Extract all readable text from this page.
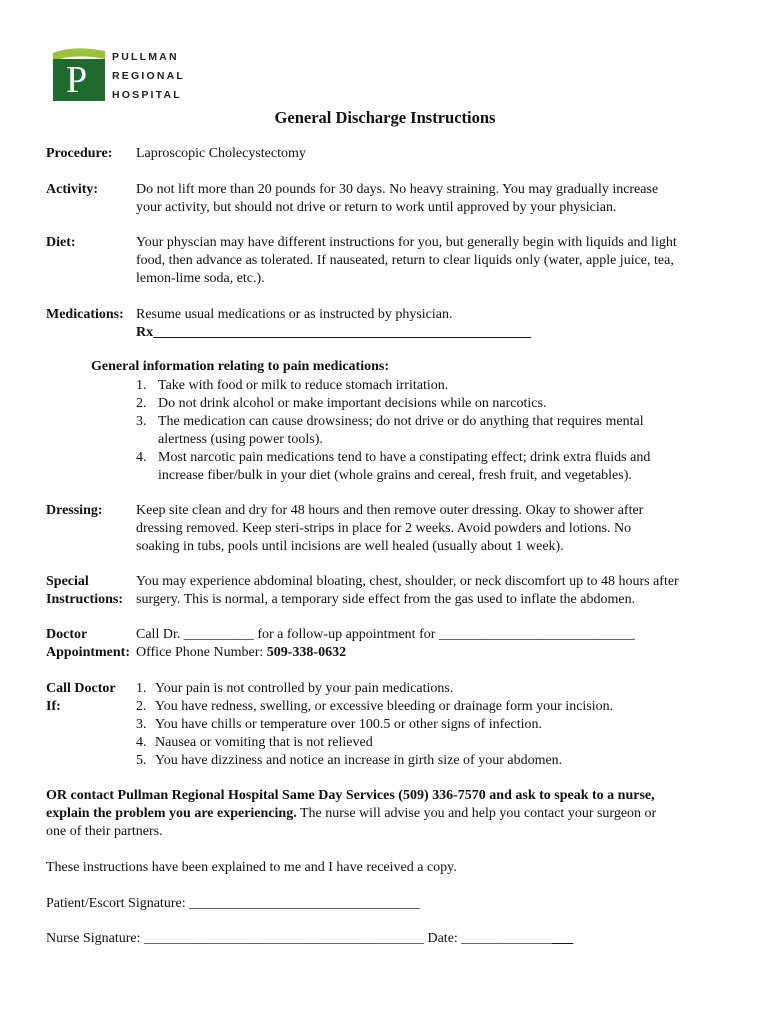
P
PULLMAN
REGIONAL
HOSPITAL
General Discharge Instructions
Procedure: Laproscopic Cholecystectomy
Activity:	Do not lift more than 20 pounds for 30 days. No heavy straining. You may gradually increase
your activity, but should not drive or return to work until approved by your physician.
Diet:	Your physcian may have different instructions for you, but generally begin with liquids and light
food, then advance as tolerated. If nauseated, return to clear liquids only (water, apple juice, tea,
lemon-lime soda, etc.).
Medications: Resume usual medications or as instructed by physician.
Rx______________________________________________________
General information relating to pain medications:
1. Take with food or milk to reduce stomach irritation.
2. Do not drink alcohol or make important decisions while on narcotics.
3. The medication can cause drowsiness; do not drive or do anything that requires mental
alertness (using power tools).
4. Most narcotic pain medications tend to have a constipating effect; drink extra fluids and
increase fiber/bulk in your diet (whole grains and cereal, fresh fruit, and vegetables).
Dressing: Keep site clean and dry for 48 hours and then remove outer dressing. Okay to shower after
dressing removed. Keep steri-strips in place for 2 weeks. Avoid powders and lotions. No
soaking in tubs, pools until incisions are well healed (usually about 1 week).
Special
Instructions:
You may experience abdominal bloating, chest, shoulder, or neck discomfort up to 48 hours after
surgery. This is normal, a temporary side effect from the gas used to inflate the abdomen.
Doctor
Appointment:
Call Dr. __________ for a follow-up appointment for ____________________________
Office Phone Number: 509-338-0632
Call Doctor
If:
1. Your pain is not controlled by your pain medications.
2. You have redness, swelling, or excessive bleeding or drainage form your incision.
3. You have chills or temperature over 100.5 or other signs of infection.
4. Nausea or vomiting that is not relieved
5. You have dizziness and notice an increase in girth size of your abdomen.
OR contact Pullman Regional Hospital Same Day Services (509) 336-7570 and ask to speak to a nurse,
explain the problem you are experiencing. The nurse will advise you and help you contact your surgeon or
one of their partners.
These instructions have been explained to me and I have received a copy.
Patient/Escort Signature: _________________________________
Nurse Signature: ________________________________________ Date: ________________
